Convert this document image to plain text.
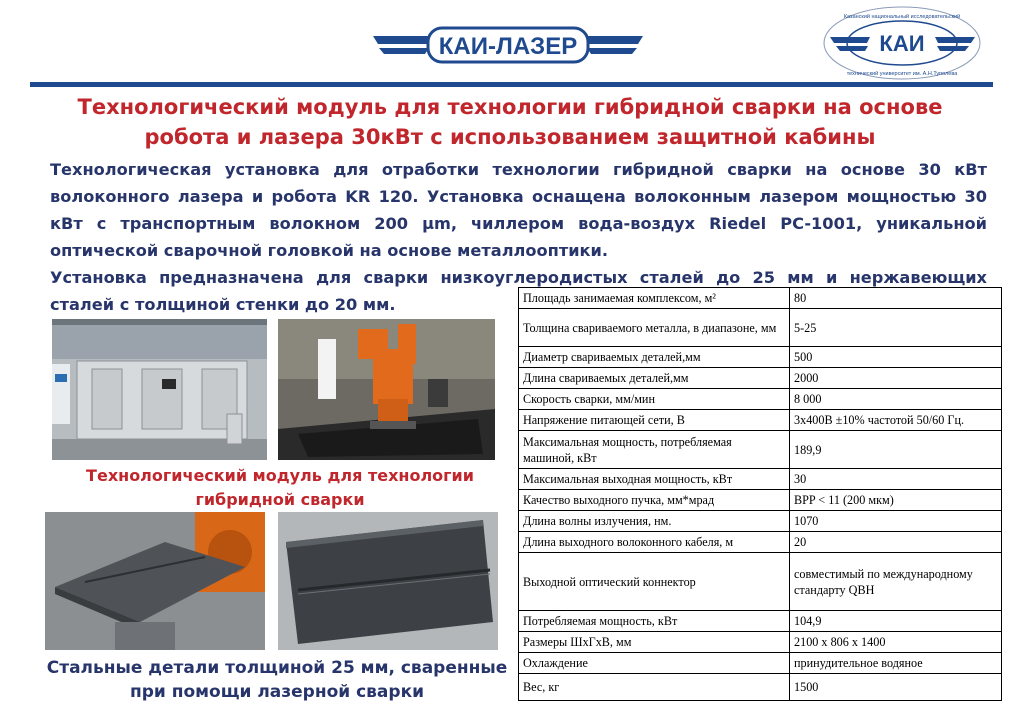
КАИ-ЛАЗЕР	КАИ
Казанский национальный исследовательский
технический университет им. А.Н.Туполева
Технологический модуль для технологии гибридной сварки на основе робота и лазера 30кВт с использованием защитной кабины

Технологическая установка для отработки технологии гибридной сварки на основе 30 кВт волоконного лазера и робота KR 120. Установка оснащена волоконным лазером мощностью 30 кВт с транспортным волокном 200 µm, чиллером вода-воздух Riedel PC-1001, уникальной оптической сварочной головкой на основе металлооптики.

Установка предназначена для сварки низкоуглеродистых сталей до 25 мм и нержавеющих сталей с толщиной стенки до 20 мм.

Технологический модуль для технологии гибридной сварки
Стальные детали толщиной 25 мм, сваренные при помощи лазерной сварки
Площадь занимаемая комплексом, м²	80
Толщина свариваемого металла, в диапазоне, мм	5-25
Диаметр свариваемых деталей,мм	500
Длина свариваемых деталей,мм	2000
Скорость сварки, мм/мин	8 000
Напряжение питающей сети, В	3x400В ±10% частотой 50/60 Гц.
Максимальная мощность, потребляемая машиной, кВт	189,9
Максимальная выходная мощность, кВт	30
Качество выходного пучка, мм*мрад	BPP < 11 (200 мкм)
Длина волны излучения, нм.	1070
Длина выходного волоконного кабеля, м	20
Выходной оптический коннектор	совместимый по международному стандарту QBH
Потребляемая мощность, кВт	104,9
Размеры ШхГхВ, мм	2100 x 806 x 1400
Охлаждение	принудительное водяное
Вес, кг	1500
